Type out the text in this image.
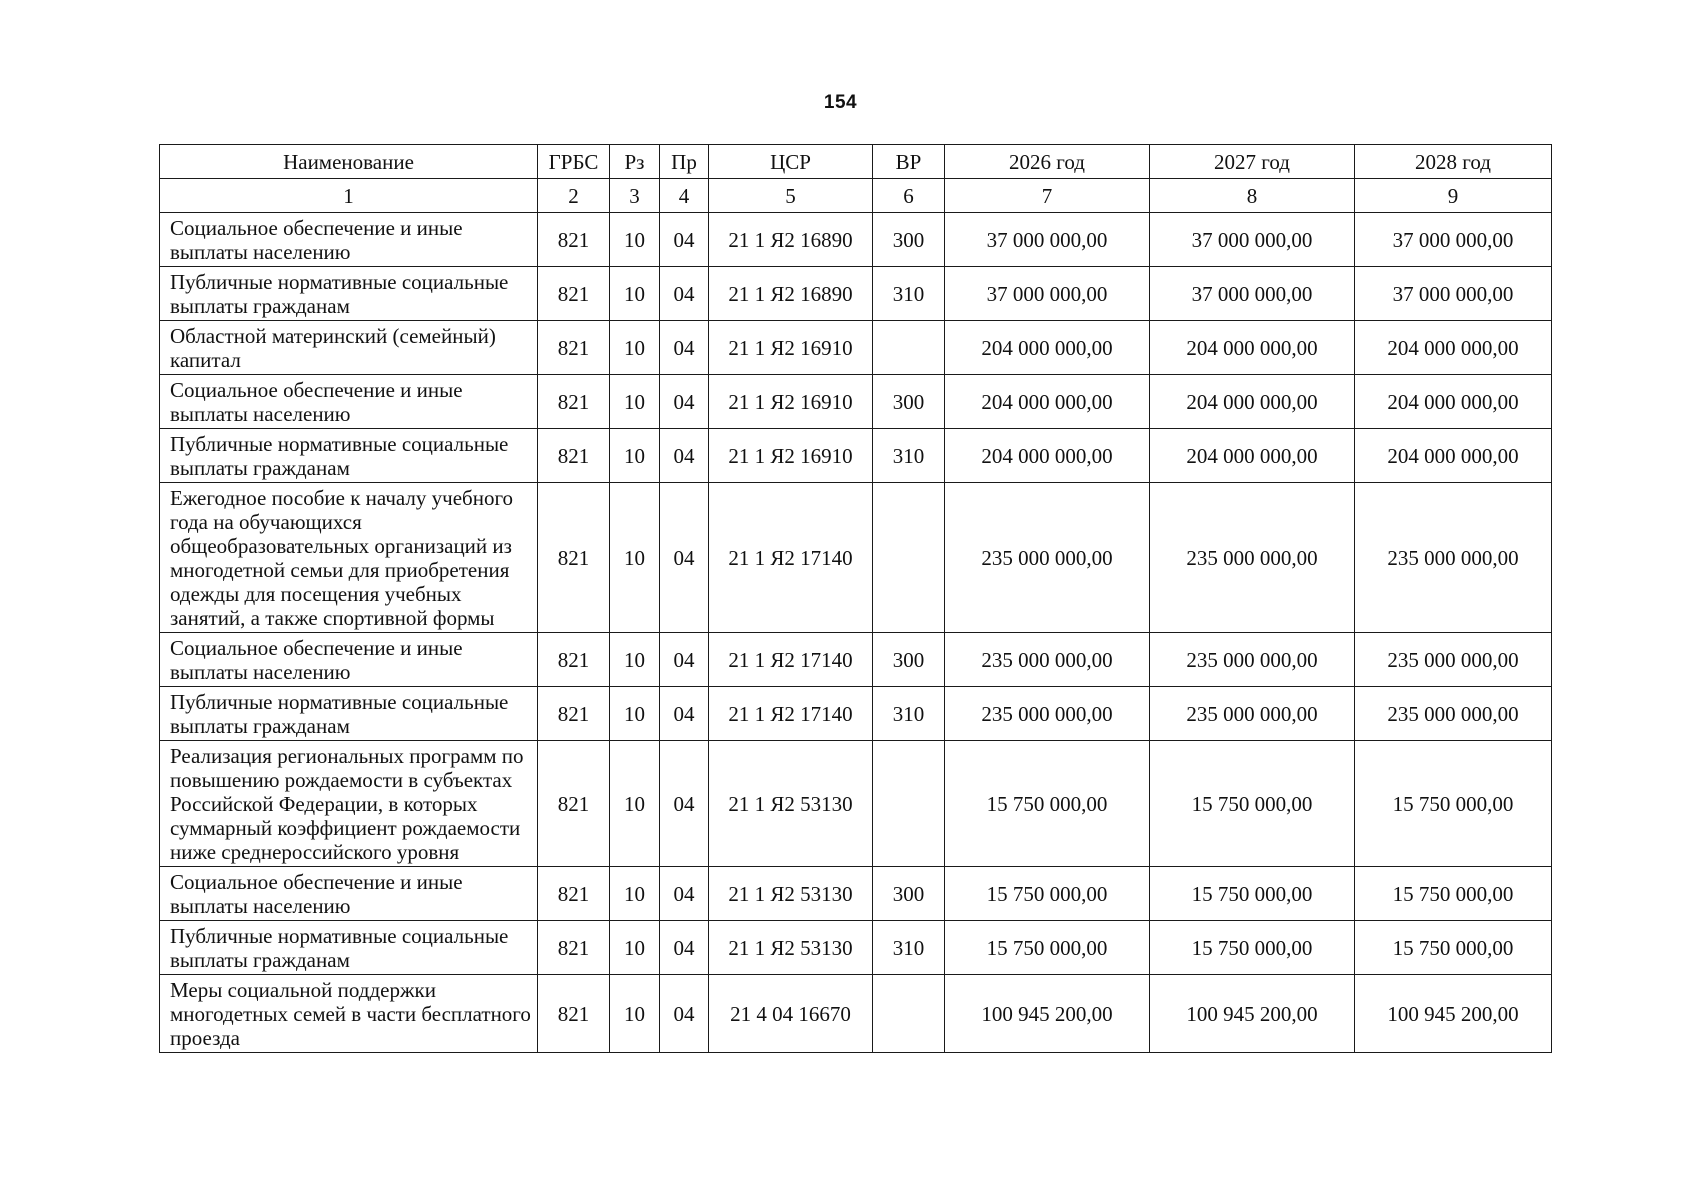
154
Наименование	ГРБС	Рз	Пр	ЦСР	ВР	2026 год	2027 год	2028 год
1	2	3	4	5	6	7	8	9
Социальное обеспечение и иные выплаты населению	821	10	04	21 1 Я2 16890	300	37 000 000,00	37 000 000,00	37 000 000,00
Публичные нормативные социальные выплаты гражданам	821	10	04	21 1 Я2 16890	310	37 000 000,00	37 000 000,00	37 000 000,00
Областной материнский (семейный) капитал	821	10	04	21 1 Я2 16910		204 000 000,00	204 000 000,00	204 000 000,00
Социальное обеспечение и иные выплаты населению	821	10	04	21 1 Я2 16910	300	204 000 000,00	204 000 000,00	204 000 000,00
Публичные нормативные социальные выплаты гражданам	821	10	04	21 1 Я2 16910	310	204 000 000,00	204 000 000,00	204 000 000,00
Ежегодное пособие к началу учебного года на обучающихся общеобразовательных организаций из многодетной семьи для приобретения одежды для посещения учебных занятий, а также спортивной формы	821	10	04	21 1 Я2 17140		235 000 000,00	235 000 000,00	235 000 000,00
Социальное обеспечение и иные выплаты населению	821	10	04	21 1 Я2 17140	300	235 000 000,00	235 000 000,00	235 000 000,00
Публичные нормативные социальные выплаты гражданам	821	10	04	21 1 Я2 17140	310	235 000 000,00	235 000 000,00	235 000 000,00
Реализация региональных программ по повышению рождаемости в субъектах Российской Федерации, в которых суммарный коэффициент рождаемости ниже среднероссийского уровня	821	10	04	21 1 Я2 53130		15 750 000,00	15 750 000,00	15 750 000,00
Социальное обеспечение и иные выплаты населению	821	10	04	21 1 Я2 53130	300	15 750 000,00	15 750 000,00	15 750 000,00
Публичные нормативные социальные выплаты гражданам	821	10	04	21 1 Я2 53130	310	15 750 000,00	15 750 000,00	15 750 000,00
Меры социальной поддержки многодетных семей в части бесплатного проезда	821	10	04	21 4 04 16670		100 945 200,00	100 945 200,00	100 945 200,00
